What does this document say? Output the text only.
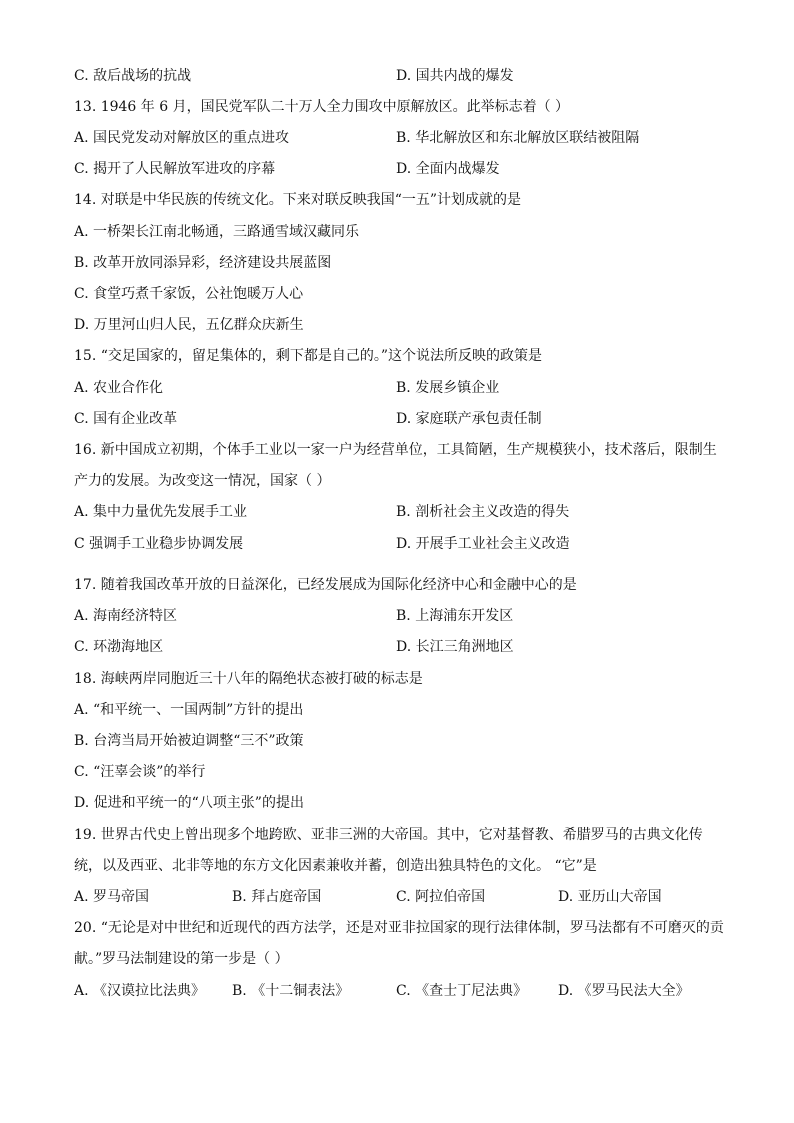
C. 敌后战场的抗战	D. 国共内战的爆发
13. 1946 年 6 月，国民党军队二十万人全力围攻中原解放区。此举标志着（ ）
A. 国民党发动对解放区的重点进攻	B. 华北解放区和东北解放区联结被阻隔
C. 揭开了人民解放军进攻的序幕	D. 全面内战爆发
14. 对联是中华民族的传统文化。下来对联反映我国“一五”计划成就的是
A. 一桥架长江南北畅通，三路通雪域汉藏同乐
B. 改革开放同添异彩，经济建设共展蓝图
C. 食堂巧煮千家饭，公社饱暖万人心
D. 万里河山归人民，五亿群众庆新生
15. “交足国家的，留足集体的，剩下都是自己的。”这个说法所反映的政策是
A. 农业合作化	B. 发展乡镇企业
C. 国有企业改革	D. 家庭联产承包责任制
16. 新中国成立初期，个体手工业以一家一户为经营单位，工具简陋，生产规模狭小，技术落后，限制生
产力的发展。为改变这一情况，国家（ ）
A. 集中力量优先发展手工业	B. 剖析社会主义改造的得失
C 强调手工业稳步协调发展	D. 开展手工业社会主义改造
17. 随着我国改革开放的日益深化，已经发展成为国际化经济中心和金融中心的是
A. 海南经济特区	B. 上海浦东开发区
C. 环渤海地区	D. 长江三角洲地区
18. 海峡两岸同胞近三十八年的隔绝状态被打破的标志是
A. “和平统一、一国两制”方针的提出
B. 台湾当局开始被迫调整“三不”政策
C. “汪辜会谈”的举行
D. 促进和平统一的“八项主张”的提出
19. 世界古代史上曾出现多个地跨欧、亚非三洲的大帝国。其中，它对基督教、希腊罗马的古典文化传
统，以及西亚、北非等地的东方文化因素兼收并蓄，创造出独具特色的文化。 “它”是
A. 罗马帝国	B. 拜占庭帝国	C. 阿拉伯帝国	D. 亚历山大帝国
20. “无论是对中世纪和近现代的西方法学，还是对亚非拉国家的现行法律体制，罗马法都有不可磨灭的贡
献。”罗马法制建设的第一步是（ ）
A. 《汉谟拉比法典》 B. 《十二铜表法》	C. 《查士丁尼法典》 D. 《罗马民法大全》
